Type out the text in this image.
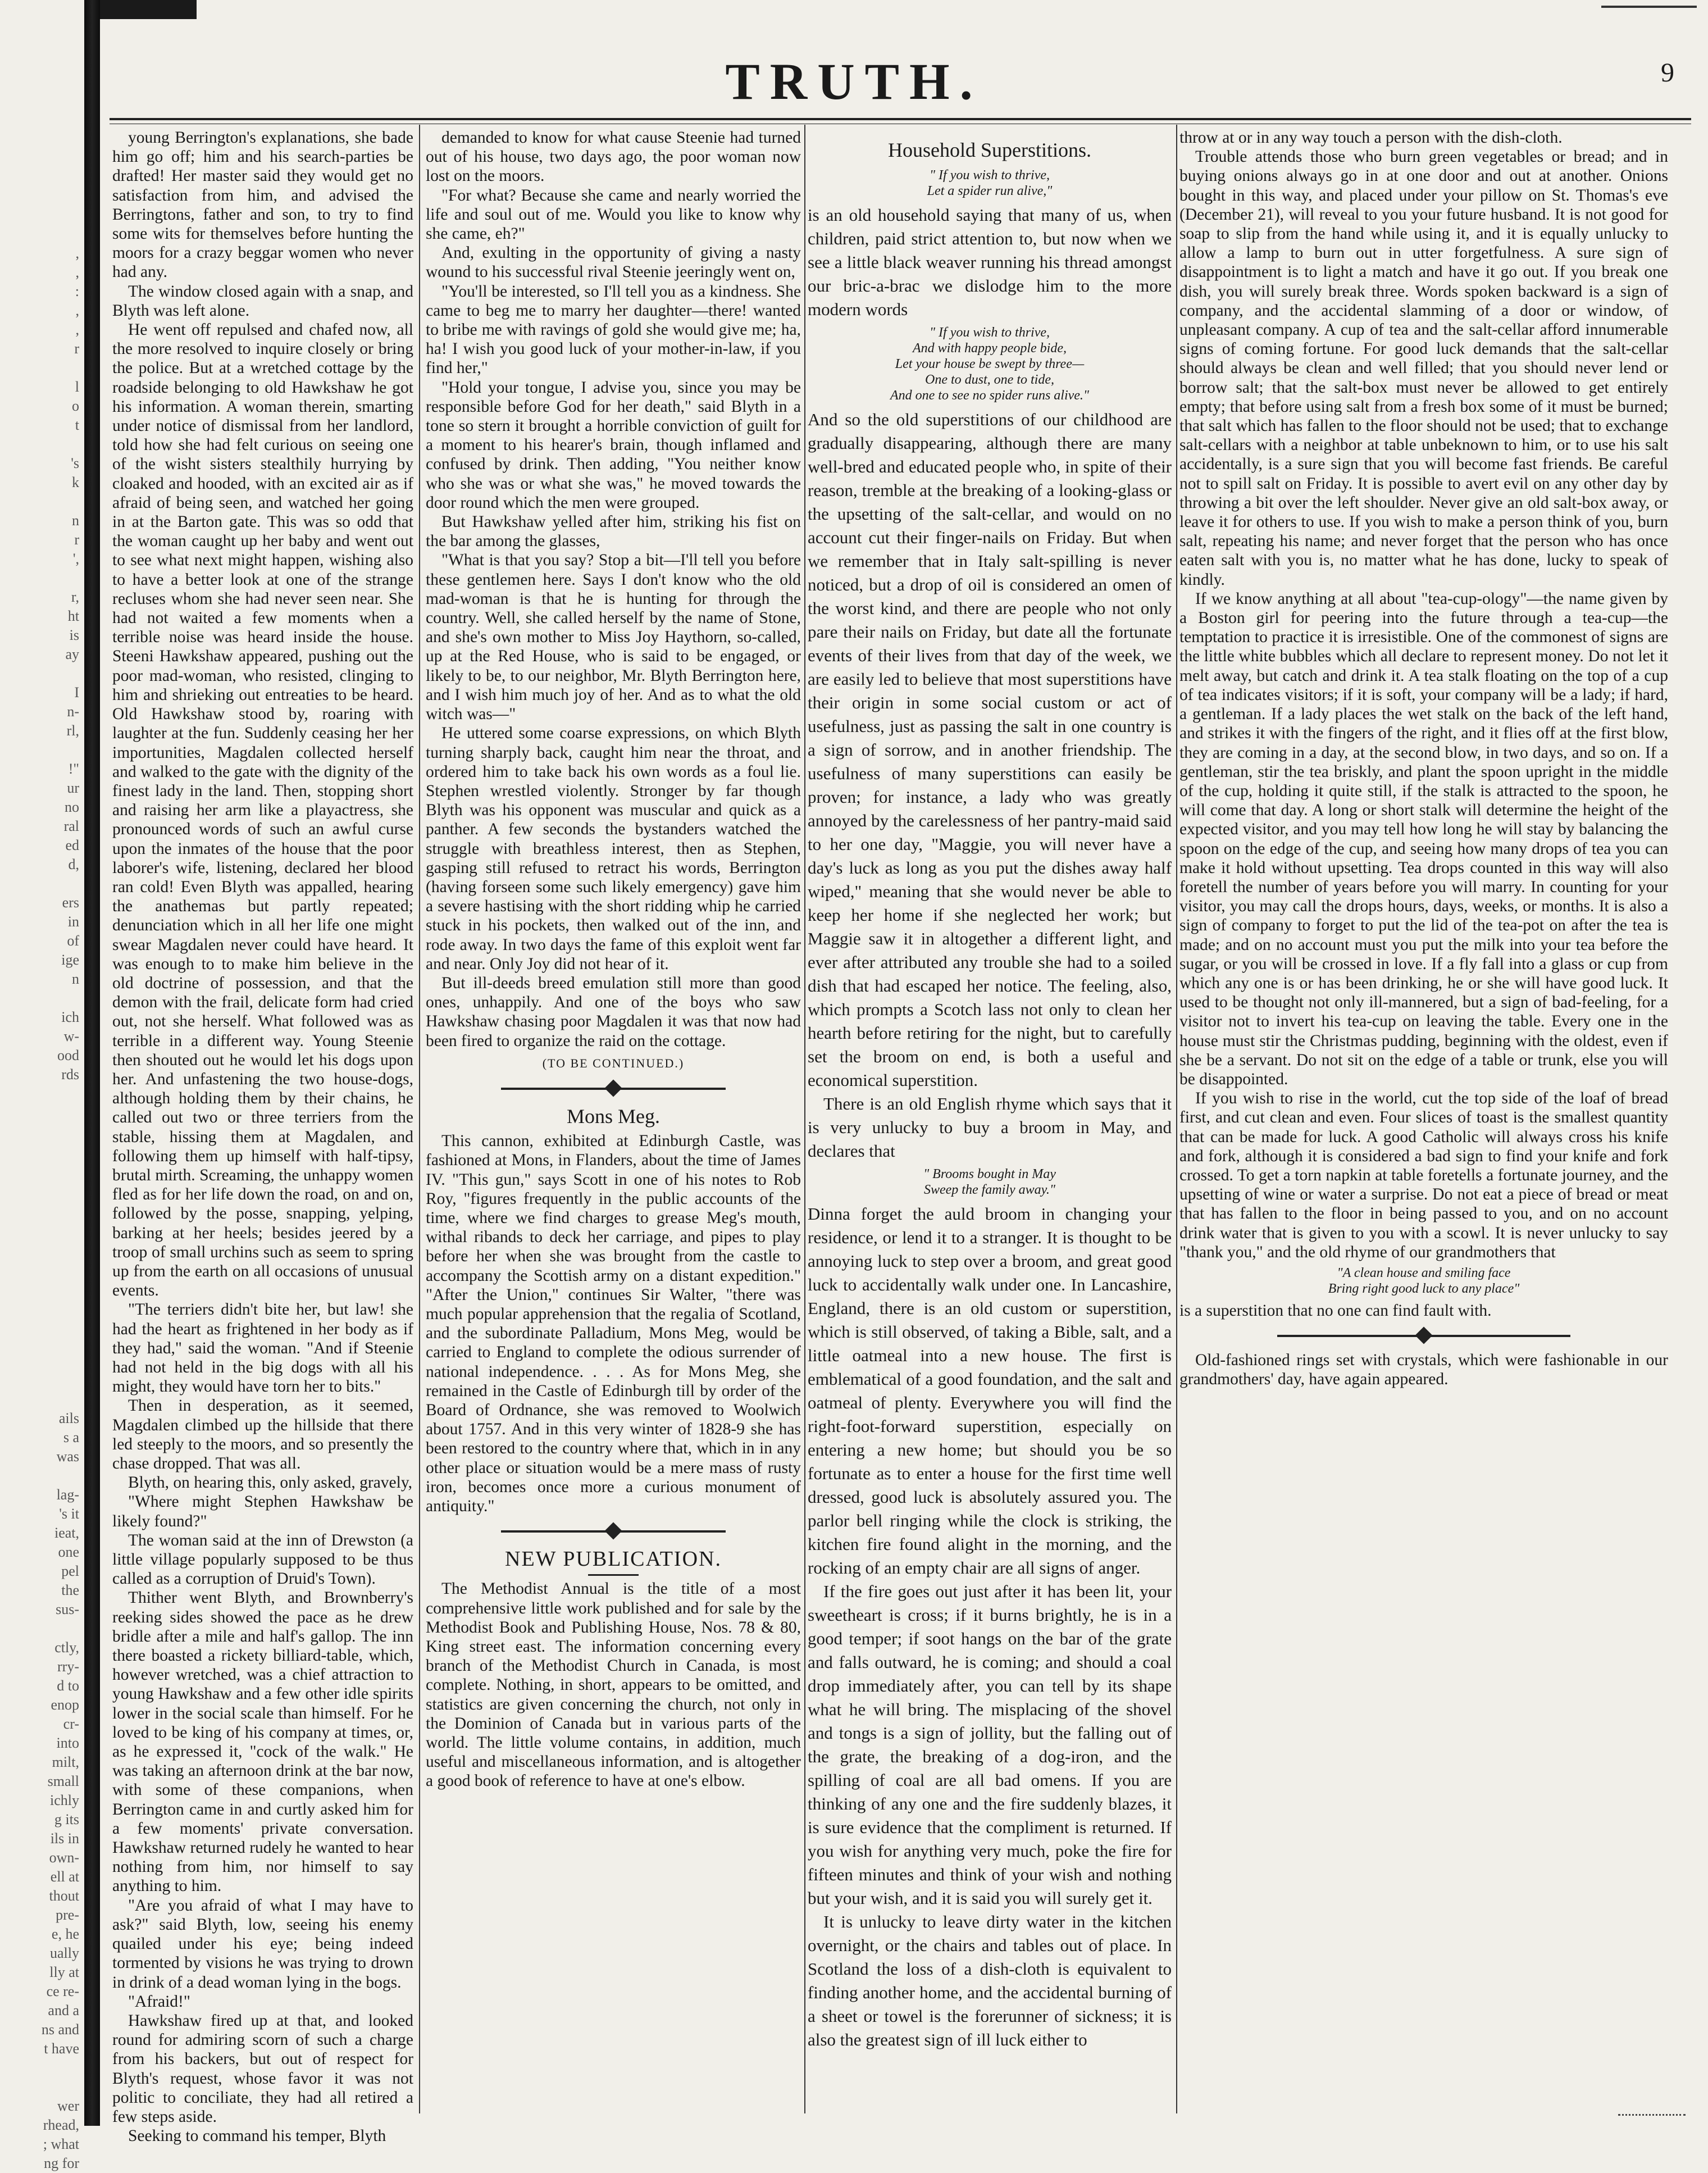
,
,
:
,
,
r
l
o
t
's
k
n
r
',
r,
ht
is
ay
I
n-
rl,
!"
ur
no
ral
ed
d,
ers
in
of
ige
n
ich
w-
ood
rds
ails
s a
was
lag-
's it
ieat,
one
pel
the
sus-
ctly,
rry-
d to
enop
cr-
into
milt,
small
ichly
g its
ils in
own-
ell at
thout
pre-
e, he
ually
lly at
ce re-
and a
ns and
t have
wer
rhead,
; what
ng for
TRUTH.	9

young Berrington's explanations, she bade him go off; him and his search-parties be drafted! Her master said they would get no satisfaction from him, and advised the Berringtons, father and son, to try to find some wits for themselves before hunting the moors for a crazy beggar women who never had any.

The window closed again with a snap, and Blyth was left alone.

He went off repulsed and chafed now, all the more resolved to inquire closely or bring the police. But at a wretched cottage by the roadside belonging to old Hawkshaw he got his information. A woman therein, smarting under notice of dismissal from her landlord, told how she had felt curious on seeing one of the wisht sisters stealthily hurrying by cloaked and hooded, with an excited air as if afraid of being seen, and watched her going in at the Barton gate. This was so odd that the woman caught up her baby and went out to see what next might happen, wishing also to have a better look at one of the strange recluses whom she had never seen near. She had not waited a few moments when a terrible noise was heard inside the house. Steeni Hawkshaw appeared, pushing out the poor mad-woman, who resisted, clinging to him and shrieking out entreaties to be heard. Old Hawkshaw stood by, roaring with laughter at the fun. Suddenly ceasing her her importunities, Magdalen collected herself and walked to the gate with the dignity of the finest lady in the land. Then, stopping short and raising her arm like a playactress, she pronounced words of such an awful curse upon the inmates of the house that the poor laborer's wife, listening, declared her blood ran cold! Even Blyth was appalled, hearing the anathemas but partly repeated; denunciation which in all her life one might swear Magdalen never could have heard. It was enough to to make him believe in the old doctrine of possession, and that the demon with the frail, delicate form had cried out, not she herself. What followed was as terrible in a different way. Young Steenie then shouted out he would let his dogs upon her. And unfastening the two house-dogs, although holding them by their chains, he called out two or three terriers from the stable, hissing them at Magdalen, and following them up himself with half-tipsy, brutal mirth. Screaming, the unhappy women fled as for her life down the road, on and on, followed by the posse, snapping, yelping, barking at her heels; besides jeered by a troop of small urchins such as seem to spring up from the earth on all occasions of unusual events.

"The terriers didn't bite her, but law! she had the heart as frightened in her body as if they had," said the woman. "And if Steenie had not held in the big dogs with all his might, they would have torn her to bits."

Then in desperation, as it seemed, Magdalen climbed up the hillside that there led steeply to the moors, and so presently the chase dropped. That was all.

Blyth, on hearing this, only asked, gravely,

"Where might Stephen Hawkshaw be likely found?"

The woman said at the inn of Drewston (a little village popularly supposed to be thus called as a corruption of Druid's Town).

Thither went Blyth, and Brownberry's reeking sides showed the pace as he drew bridle after a mile and half's gallop. The inn there boasted a rickety billiard-table, which, however wretched, was a chief attraction to young Hawkshaw and a few other idle spirits lower in the social scale than himself. For he loved to be king of his company at times, or, as he expressed it, "cock of the walk." He was taking an afternoon drink at the bar now, with some of these companions, when Berrington came in and curtly asked him for a few moments' private conversation. Hawkshaw returned rudely he wanted to hear nothing from him, nor himself to say anything to him.

"Are you afraid of what I may have to ask?" said Blyth, low, seeing his enemy quailed under his eye; being indeed tormented by visions he was trying to drown in drink of a dead woman lying in the bogs.

"Afraid!"

Hawkshaw fired up at that, and looked round for admiring scorn of such a charge from his backers, but out of respect for Blyth's request, whose favor it was not politic to conciliate, they had all retired a few steps aside.

Seeking to command his temper, Blyth

demanded to know for what cause Steenie had turned out of his house, two days ago, the poor woman now lost on the moors.

"For what? Because she came and nearly worried the life and soul out of me. Would you like to know why she came, eh?"

And, exulting in the opportunity of giving a nasty wound to his successful rival Steenie jeeringly went on,

"You'll be interested, so I'll tell you as a kindness. She came to beg me to marry her daughter—there! wanted to bribe me with ravings of gold she would give me; ha, ha! I wish you good luck of your mother-in-law, if you find her,"

"Hold your tongue, I advise you, since you may be responsible before God for her death," said Blyth in a tone so stern it brought a horrible conviction of guilt for a moment to his hearer's brain, though inflamed and confused by drink. Then adding, "You neither know who she was or what she was," he moved towards the door round which the men were grouped.

But Hawkshaw yelled after him, striking his fist on the bar among the glasses,

"What is that you say? Stop a bit—I'll tell you before these gentlemen here. Says I don't know who the old mad-woman is that he is hunting for through the country. Well, she called herself by the name of Stone, and she's own mother to Miss Joy Haythorn, so-called, up at the Red House, who is said to be engaged, or likely to be, to our neighbor, Mr. Blyth Berrington here, and I wish him much joy of her. And as to what the old witch was—"

He uttered some coarse expressions, on which Blyth turning sharply back, caught him near the throat, and ordered him to take back his own words as a foul lie. Stephen wrestled violently. Stronger by far though Blyth was his opponent was muscular and quick as a panther. A few seconds the bystanders watched the struggle with breathless interest, then as Stephen, gasping still refused to retract his words, Berrington (having forseen some such likely emergency) gave him a severe hastising with the short ridding whip he carried stuck in his pockets, then walked out of the inn, and rode away. In two days the fame of this exploit went far and near. Only Joy did not hear of it.

But ill-deeds breed emulation still more than good ones, unhappily. And one of the boys who saw Hawkshaw chasing poor Magdalen it was that now had been fired to organize the raid on the cottage.

(TO BE CONTINUED.)
Mons Meg.

This cannon, exhibited at Edinburgh Castle, was fashioned at Mons, in Flanders, about the time of James IV. "This gun," says Scott in one of his notes to Rob Roy, "figures frequently in the public accounts of the time, where we find charges to grease Meg's mouth, withal ribands to deck her carriage, and pipes to play before her when she was brought from the castle to accompany the Scottish army on a distant expedition." "After the Union," continues Sir Walter, "there was much popular apprehension that the regalia of Scotland, and the subordinate Palladium, Mons Meg, would be carried to England to complete the odious surrender of national independence. . . . As for Mons Meg, she remained in the Castle of Edinburgh till by order of the Board of Ordnance, she was removed to Woolwich about 1757. And in this very winter of 1828-9 she has been restored to the country where that, which in in any other place or situation would be a mere mass of rusty iron, becomes once more a curious monument of antiquity."

NEW PUBLICATION.

The Methodist Annual is the title of a most comprehensive little work published and for sale by the Methodist Book and Publishing House, Nos. 78 & 80, King street east. The information concerning every branch of the Methodist Church in Canada, is most complete. Nothing, in short, appears to be omitted, and statistics are given concerning the church, not only in the Dominion of Canada but in various parts of the world. The little volume contains, in addition, much useful and miscellaneous information, and is altogether a good book of reference to have at one's elbow.

Household Superstitions.
" If you wish to thrive,
Let a spider run alive,"

is an old household saying that many of us, when children, paid strict attention to, but now when we see a little black weaver running his thread amongst our bric-a-brac we dislodge him to the more modern words

" If you wish to thrive,
And with happy people bide,
Let your house be swept by three—
One to dust, one to tide,
And one to see no spider runs alive."

And so the old superstitions of our childhood are gradually disappearing, although there are many well-bred and educated people who, in spite of their reason, tremble at the breaking of a looking-glass or the upsetting of the salt-cellar, and would on no account cut their finger-nails on Friday. But when we remember that in Italy salt-spilling is never noticed, but a drop of oil is considered an omen of the worst kind, and there are people who not only pare their nails on Friday, but date all the fortunate events of their lives from that day of the week, we are easily led to believe that most superstitions have their origin in some social custom or act of usefulness, just as passing the salt in one country is a sign of sorrow, and in another friendship. The usefulness of many superstitions can easily be proven; for instance, a lady who was greatly annoyed by the carelessness of her pantry-maid said to her one day, "Maggie, you will never have a day's luck as long as you put the dishes away half wiped," meaning that she would never be able to keep her home if she neglected her work; but Maggie saw it in altogether a different light, and ever after attributed any trouble she had to a soiled dish that had escaped her notice. The feeling, also, which prompts a Scotch lass not only to clean her hearth before retiring for the night, but to carefully set the broom on end, is both a useful and economical superstition.

There is an old English rhyme which says that it is very unlucky to buy a broom in May, and declares that

" Brooms bought in May
Sweep the family away."

Dinna forget the auld broom in changing your residence, or lend it to a stranger. It is thought to be annoying luck to step over a broom, and great good luck to accidentally walk under one. In Lancashire, England, there is an old custom or superstition, which is still observed, of taking a Bible, salt, and a little oatmeal into a new house. The first is emblematical of a good foundation, and the salt and oatmeal of plenty. Everywhere you will find the right-foot-forward superstition, especially on entering a new home; but should you be so fortunate as to enter a house for the first time well dressed, good luck is absolutely assured you. The parlor bell ringing while the clock is striking, the kitchen fire found alight in the morning, and the rocking of an empty chair are all signs of anger.

If the fire goes out just after it has been lit, your sweetheart is cross; if it burns brightly, he is in a good temper; if soot hangs on the bar of the grate and falls outward, he is coming; and should a coal drop immediately after, you can tell by its shape what he will bring. The misplacing of the shovel and tongs is a sign of jollity, but the falling out of the grate, the breaking of a dog-iron, and the spilling of coal are all bad omens. If you are thinking of any one and the fire suddenly blazes, it is sure evidence that the compliment is returned. If you wish for anything very much, poke the fire for fifteen minutes and think of your wish and nothing but your wish, and it is said you will surely get it.

It is unlucky to leave dirty water in the kitchen overnight, or the chairs and tables out of place. In Scotland the loss of a dish-cloth is equivalent to finding another home, and the accidental burning of a sheet or towel is the forerunner of sickness; it is also the greatest sign of ill luck either to

throw at or in any way touch a person with the dish-cloth.

Trouble attends those who burn green vegetables or bread; and in buying onions always go in at one door and out at another. Onions bought in this way, and placed under your pillow on St. Thomas's eve (December 21), will reveal to you your future husband. It is not good for soap to slip from the hand while using it, and it is equally unlucky to allow a lamp to burn out in utter forgetfulness. A sure sign of disappointment is to light a match and have it go out. If you break one dish, you will surely break three. Words spoken backward is a sign of company, and the accidental slamming of a door or window, of unpleasant company. A cup of tea and the salt-cellar afford innumerable signs of coming fortune. For good luck demands that the salt-cellar should always be clean and well filled; that you should never lend or borrow salt; that the salt-box must never be allowed to get entirely empty; that before using salt from a fresh box some of it must be burned; that salt which has fallen to the floor should not be used; that to exchange salt-cellars with a neighbor at table unbeknown to him, or to use his salt accidentally, is a sure sign that you will become fast friends. Be careful not to spill salt on Friday. It is possible to avert evil on any other day by throwing a bit over the left shoulder. Never give an old salt-box away, or leave it for others to use. If you wish to make a person think of you, burn salt, repeating his name; and never forget that the person who has once eaten salt with you is, no matter what he has done, lucky to speak of kindly.

If we know anything at all about "tea-cup-ology"—the name given by a Boston girl for peering into the future through a tea-cup—the temptation to practice it is irresistible. One of the commonest of signs are the little white bubbles which all declare to represent money. Do not let it melt away, but catch and drink it. A tea stalk floating on the top of a cup of tea indicates visitors; if it is soft, your company will be a lady; if hard, a gentleman. If a lady places the wet stalk on the back of the left hand, and strikes it with the fingers of the right, and it flies off at the first blow, they are coming in a day, at the second blow, in two days, and so on. If a gentleman, stir the tea briskly, and plant the spoon upright in the middle of the cup, holding it quite still, if the stalk is attracted to the spoon, he will come that day. A long or short stalk will determine the height of the expected visitor, and you may tell how long he will stay by balancing the spoon on the edge of the cup, and seeing how many drops of tea you can make it hold without upsetting. Tea drops counted in this way will also foretell the number of years before you will marry. In counting for your visitor, you may call the drops hours, days, weeks, or months. It is also a sign of company to forget to put the lid of the tea-pot on after the tea is made; and on no account must you put the milk into your tea before the sugar, or you will be crossed in love. If a fly fall into a glass or cup from which any one is or has been drinking, he or she will have good luck. It used to be thought not only ill-mannered, but a sign of bad-feeling, for a visitor not to invert his tea-cup on leaving the table. Every one in the house must stir the Christmas pudding, beginning with the oldest, even if she be a servant. Do not sit on the edge of a table or trunk, else you will be disappointed.

If you wish to rise in the world, cut the top side of the loaf of bread first, and cut clean and even. Four slices of toast is the smallest quantity that can be made for luck. A good Catholic will always cross his knife and fork, although it is considered a bad sign to find your knife and fork crossed. To get a torn napkin at table foretells a fortunate journey, and the upsetting of wine or water a surprise. Do not eat a piece of bread or meat that has fallen to the floor in being passed to you, and on no account drink water that is given to you with a scowl. It is never unlucky to say "thank you," and the old rhyme of our grandmothers that

"A clean house and smiling face
Bring right good luck to any place"

is a superstition that no one can find fault with.

Old-fashioned rings set with crystals, which were fashionable in our grandmothers' day, have again appeared.
